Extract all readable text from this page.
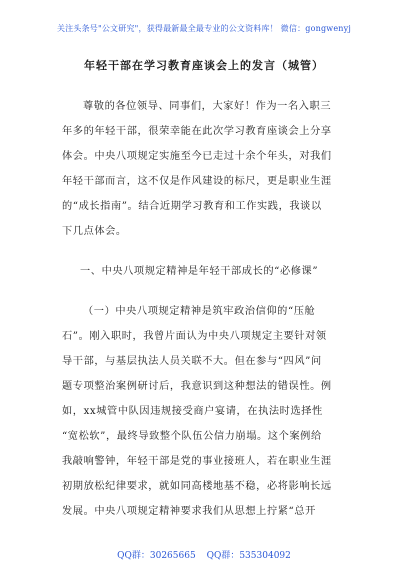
关注头条号"公文研究"，获得最新最全最专业的公文资料库！ 微信：gongwenyj
年轻干部在学习教育座谈会上的发言（城管）
尊敬的各位领导、同事们，大家好！作为一名入职三
年多的年轻干部，很荣幸能在此次学习教育座谈会上分享
体会。中央八项规定实施至今已走过十余个年头，对我们
年轻干部而言，这不仅是作风建设的标尺，更是职业生涯
的“成长指南”。结合近期学习教育和工作实践，我谈以
下几点体会。
一、中央八项规定精神是年轻干部成长的“必修课”
（一）中央八项规定精神是筑牢政治信仰的“压舱
石”。刚入职时，我曾片面认为中央八项规定主要针对领
导干部，与基层执法人员关联不大。但在参与“四风”问
题专项整治案例研讨后，我意识到这种想法的错误性。例
如，xx城管中队因违规接受商户宴请，在执法时选择性
“宽松软”，最终导致整个队伍公信力崩塌。这个案例给
我敲响警钟，年轻干部是党的事业接班人，若在职业生涯
初期放松纪律要求，就如同高楼地基不稳，必将影响长远
发展。中央八项规定精神要求我们从思想上拧紧“总开
QQ群：30265665 QQ群：535304092
